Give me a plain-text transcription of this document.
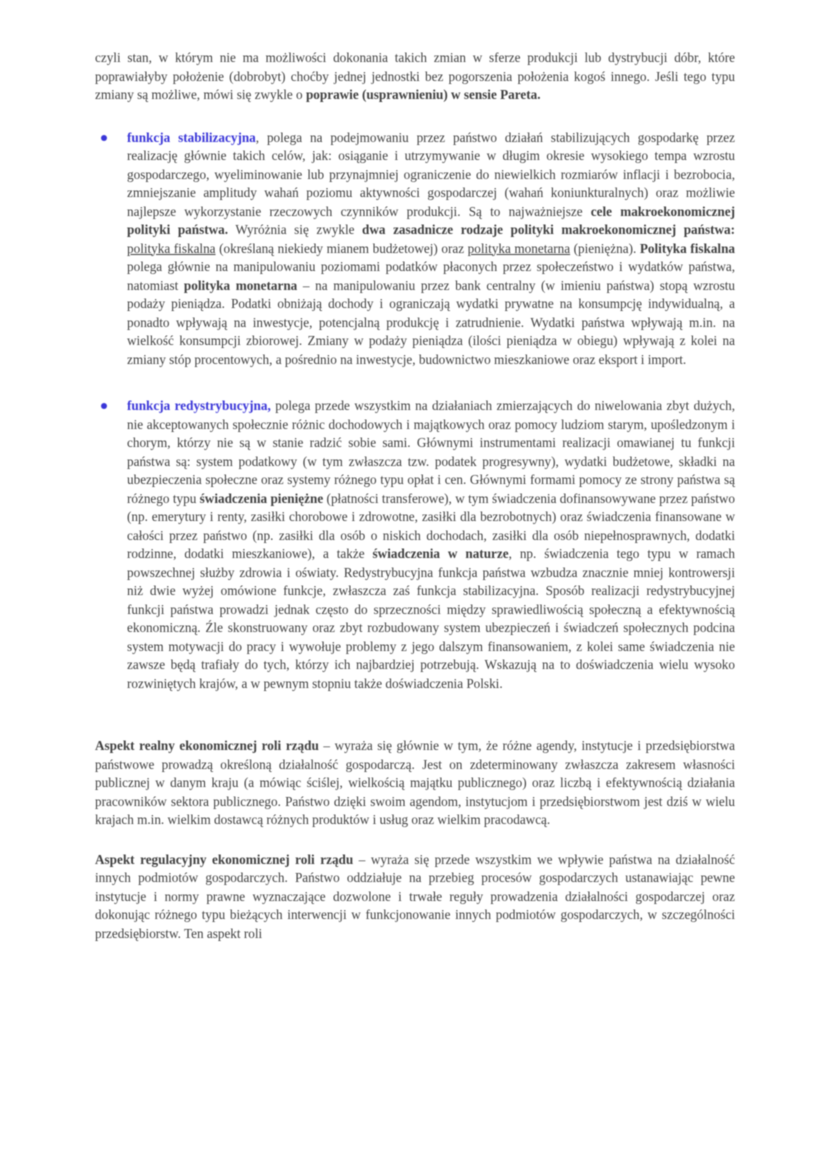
czyli stan, w którym nie ma możliwości dokonania takich zmian w sferze produkcji lub dystrybucji dóbr, które poprawiałyby położenie (dobrobyt) choćby jednej jednostki bez pogorszenia położenia kogoś innego. Jeśli tego typu zmiany są możliwe, mówi się zwykle o poprawie (usprawnieniu) w sensie Pareta.

funkcja stabilizacyjna, polega na podejmowaniu przez państwo działań stabilizujących gospodarkę przez realizację głównie takich celów, jak: osiąganie i utrzymywanie w długim okresie wysokiego tempa wzrostu gospodarczego, wyeliminowanie lub przynajmniej ograniczenie do niewielkich rozmiarów inflacji i bezrobocia, zmniejszanie amplitudy wahań poziomu aktywności gospodarczej (wahań koniunkturalnych) oraz możliwie najlepsze wykorzystanie rzeczowych czynników produkcji. Są to najważniejsze cele makroekonomicznej polityki państwa. Wyróżnia się zwykle dwa zasadnicze rodzaje polityki makroekonomicznej państwa: polityka fiskalna (określaną niekiedy mianem budżetowej) oraz polityka monetarna (pieniężna). Polityka fiskalna polega głównie na manipulowaniu poziomami podatków płaconych przez społeczeństwo i wydatków państwa, natomiast polityka monetarna – na manipulowaniu przez bank centralny (w imieniu państwa) stopą wzrostu podaży pieniądza. Podatki obniżają dochody i ograniczają wydatki prywatne na konsumpcję indywidualną, a ponadto wpływają na inwestycje, potencjalną produkcję i zatrudnienie. Wydatki państwa wpływają m.in. na wielkość konsumpcji zbiorowej. Zmiany w podaży pieniądza (ilości pieniądza w obiegu) wpływają z kolei na zmiany stóp procentowych, a pośrednio na inwestycje, budownictwo mieszkaniowe oraz eksport i import.
funkcja redystrybucyjna, polega przede wszystkim na działaniach zmierzających do niwelowania zbyt dużych, nie akceptowanych społecznie różnic dochodowych i majątkowych oraz pomocy ludziom starym, upośledzonym i chorym, którzy nie są w stanie radzić sobie sami. Głównymi instrumentami realizacji omawianej tu funkcji państwa są: system podatkowy (w tym zwłaszcza tzw. podatek progresywny), wydatki budżetowe, składki na ubezpieczenia społeczne oraz systemy różnego typu opłat i cen. Głównymi formami pomocy ze strony państwa są różnego typu świadczenia pieniężne (płatności transferowe), w tym świadczenia dofinansowywane przez państwo (np. emerytury i renty, zasiłki chorobowe i zdrowotne, zasiłki dla bezrobotnych) oraz świadczenia finansowane w całości przez państwo (np. zasiłki dla osób o niskich dochodach, zasiłki dla osób niepełnosprawnych, dodatki rodzinne, dodatki mieszkaniowe), a także świadczenia w naturze, np. świadczenia tego typu w ramach powszechnej służby zdrowia i oświaty. Redystrybucyjna funkcja państwa wzbudza znacznie mniej kontrowersji niż dwie wyżej omówione funkcje, zwłaszcza zaś funkcja stabilizacyjna. Sposób realizacji redystrybucyjnej funkcji państwa prowadzi jednak często do sprzeczności między sprawiedliwością społeczną a efektywnością ekonomiczną. Źle skonstruowany oraz zbyt rozbudowany system ubezpieczeń i świadczeń społecznych podcina system motywacji do pracy i wywołuje problemy z jego dalszym finansowaniem, z kolei same świadczenia nie zawsze będą trafiały do tych, którzy ich najbardziej potrzebują. Wskazują na to doświadczenia wielu wysoko rozwiniętych krajów, a w pewnym stopniu także doświadczenia Polski.

Aspekt realny ekonomicznej roli rządu – wyraża się głównie w tym, że różne agendy, instytucje i przedsiębiorstwa państwowe prowadzą określoną działalność gospodarczą. Jest on zdeterminowany zwłaszcza zakresem własności publicznej w danym kraju (a mówiąc ściślej, wielkością majątku publicznego) oraz liczbą i efektywnością działania pracowników sektora publicznego. Państwo dzięki swoim agendom, instytucjom i przedsiębiorstwom jest dziś w wielu krajach m.in. wielkim dostawcą różnych produktów i usług oraz wielkim pracodawcą.

Aspekt regulacyjny ekonomicznej roli rządu – wyraża się przede wszystkim we wpływie państwa na działalność innych podmiotów gospodarczych. Państwo oddziałuje na przebieg procesów gospodarczych ustanawiając pewne instytucje i normy prawne wyznaczające dozwolone i trwałe reguły prowadzenia działalności gospodarczej oraz dokonując różnego typu bieżących interwencji w funkcjonowanie innych podmiotów gospodarczych, w szczególności przedsiębiorstw. Ten aspekt roli
